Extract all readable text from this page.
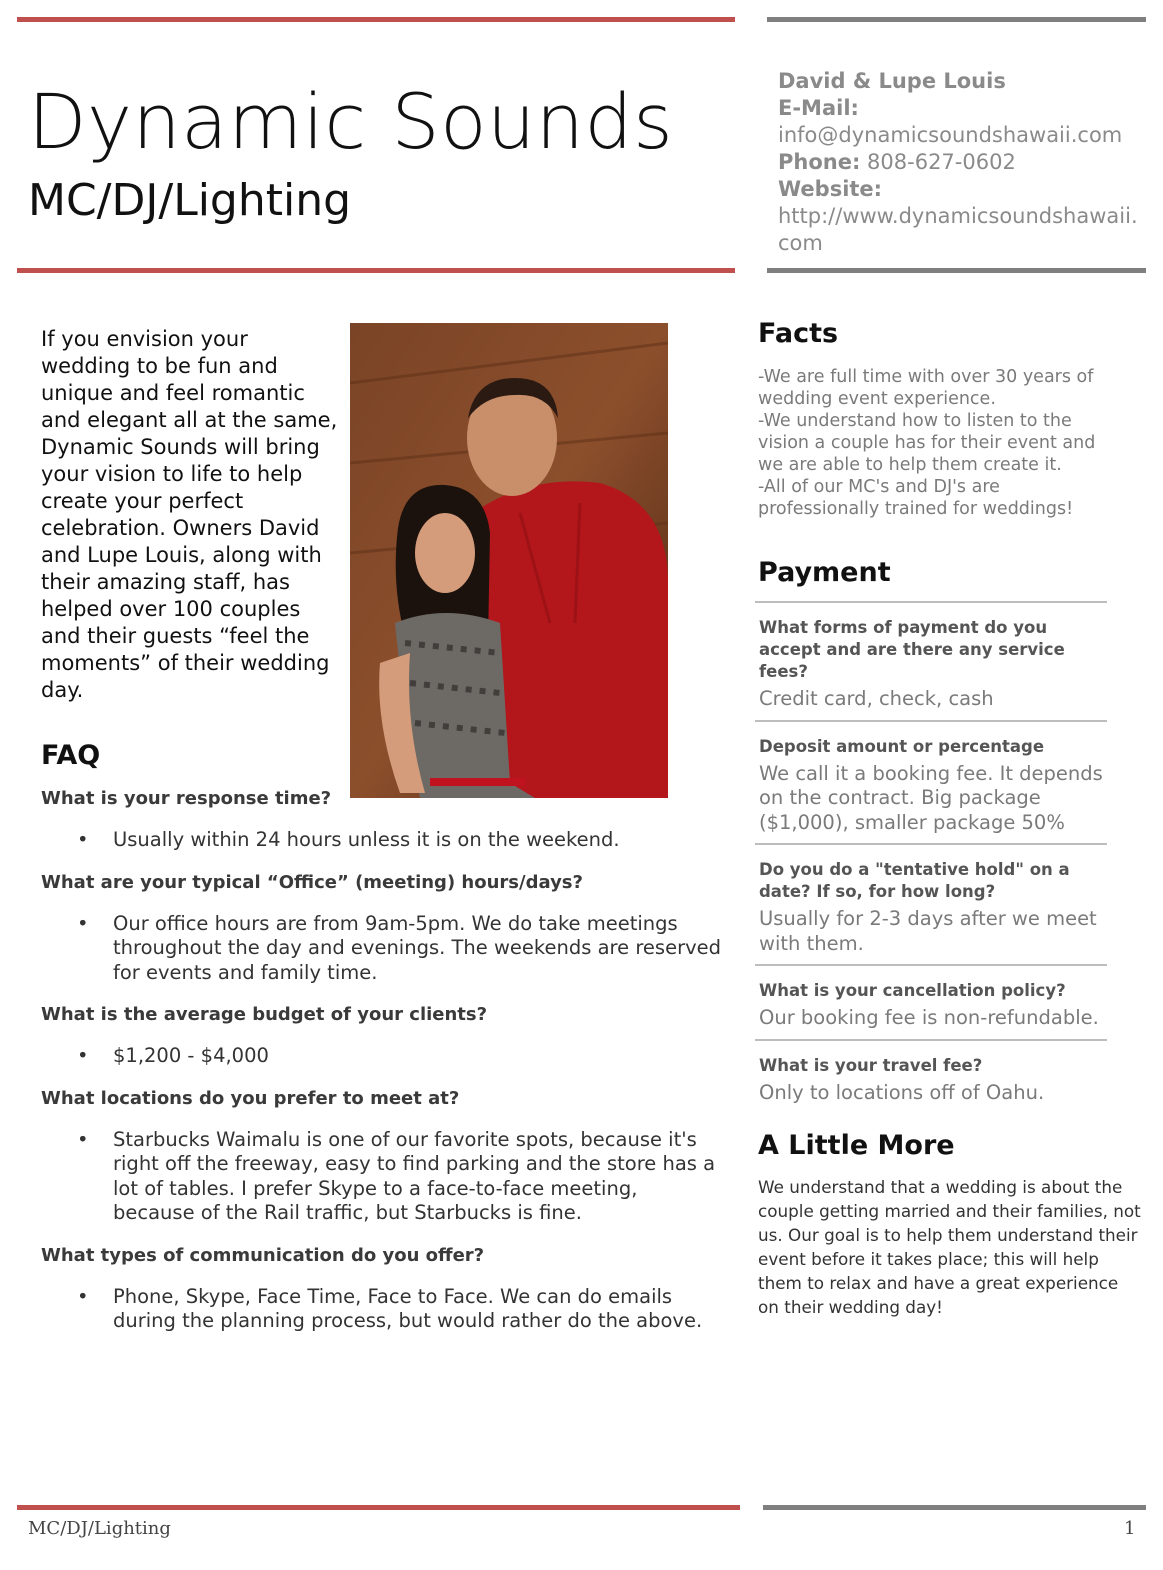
Dynamic Sounds
MC/DJ/Lighting
David & Lupe Louis
E-Mail:
info@dynamicsoundshawaii.com
Phone: 808-627-0602
Website:
http://www.dynamicsoundshawaii.com
If you envision your wedding to be fun and unique and feel romantic and elegant all at the same, Dynamic Sounds will bring your vision to life to help create your perfect celebration. Owners David and Lupe Louis, along with their amazing staff, has helped over 100 couples and their guests “feel the moments” of their wedding day.
FAQ
What is your response time?
• Usually within 24 hours unless it is on the weekend.
What are your typical “Office” (meeting) hours/days?
• Our office hours are from 9am-5pm. We do take meetings throughout the day and evenings. The weekends are reserved for events and family time.
What is the average budget of your clients?
• $1,200 - $4,000
What locations do you prefer to meet at?
• Starbucks Waimalu is one of our favorite spots, because it's right off the freeway, easy to find parking and the store has a lot of tables. I prefer Skype to a face-to-face meeting, because of the Rail traffic, but Starbucks is fine.
What types of communication do you offer?
• Phone, Skype, Face Time, Face to Face. We can do emails during the planning process, but would rather do the above.
Facts
-We are full time with over 30 years of wedding event experience.
-We understand how to listen to the vision a couple has for their event and we are able to help them create it.
-All of our MC's and DJ's are professionally trained for weddings!
Payment
What forms of payment do you accept and are there any service fees?
Credit card, check, cash
Deposit amount or percentage
We call it a booking fee. It depends on the contract. Big package ($1,000), smaller package 50%
Do you do a "tentative hold" on a date? If so, for how long?
Usually for 2-3 days after we meet with them.
What is your cancellation policy?
Our booking fee is non-refundable.
What is your travel fee?
Only to locations off of Oahu.
A Little More
We understand that a wedding is about the couple getting married and their families, not us. Our goal is to help them understand their event before it takes place; this will help them to relax and have a great experience on their wedding day!
MC/DJ/Lighting	1
